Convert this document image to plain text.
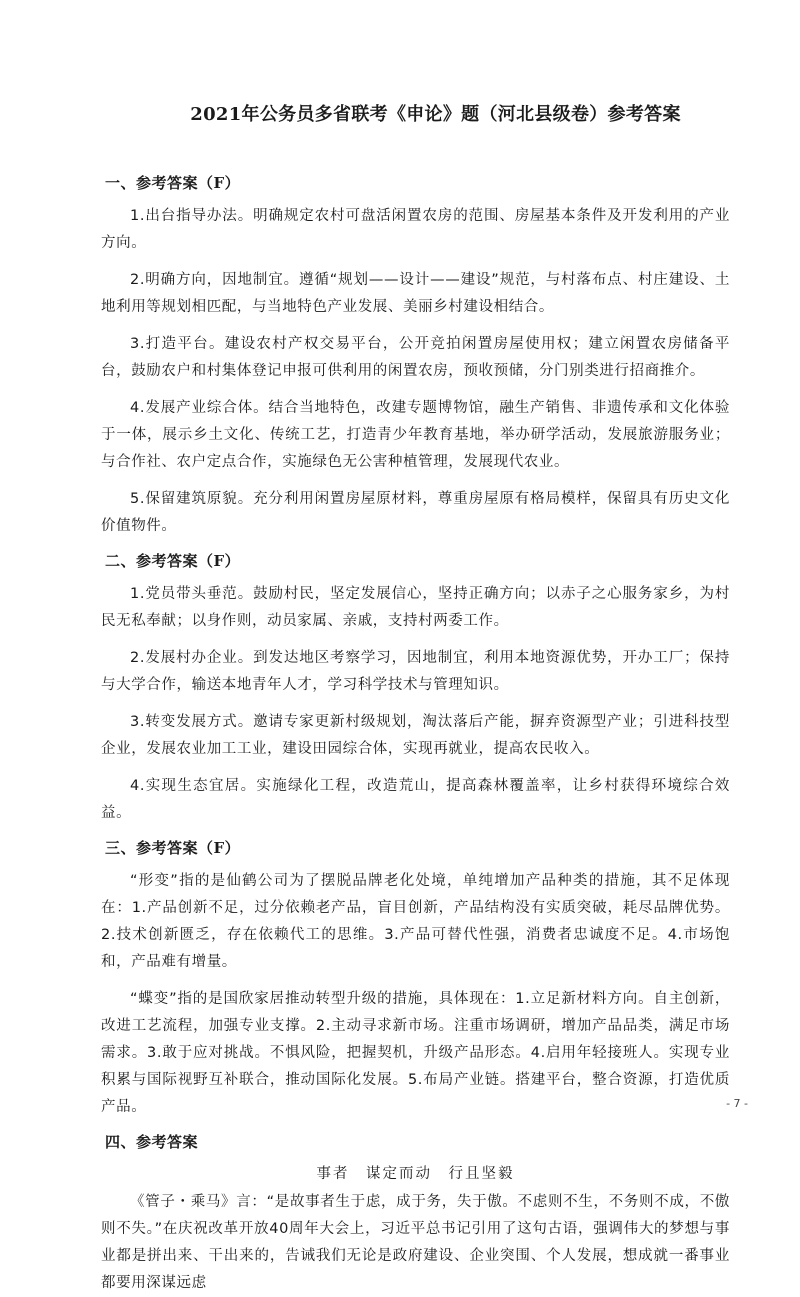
2021年公务员多省联考《申论》题（河北县级卷）参考答案
一、参考答案（F）

1.出台指导办法。明确规定农村可盘活闲置农房的范围、房屋基本条件及开发利用的产业方向。

2.明确方向，因地制宜。遵循“规划——设计——建设”规范，与村落布点、村庄建设、土地利用等规划相匹配，与当地特色产业发展、美丽乡村建设相结合。

3.打造平台。建设农村产权交易平台，公开竞拍闲置房屋使用权；建立闲置农房储备平台，鼓励农户和村集体登记申报可供利用的闲置农房，预收预储，分门别类进行招商推介。

4.发展产业综合体。结合当地特色，改建专题博物馆，融生产销售、非遗传承和文化体验于一体，展示乡土文化、传统工艺，打造青少年教育基地，举办研学活动，发展旅游服务业；与合作社、农户定点合作，实施绿色无公害种植管理，发展现代农业。

5.保留建筑原貌。充分利用闲置房屋原材料，尊重房屋原有格局模样，保留具有历史文化价值物件。

二、参考答案（F）

1.党员带头垂范。鼓励村民，坚定发展信心，坚持正确方向；以赤子之心服务家乡，为村民无私奉献；以身作则，动员家属、亲戚，支持村两委工作。

2.发展村办企业。到发达地区考察学习，因地制宜，利用本地资源优势，开办工厂；保持与大学合作，输送本地青年人才，学习科学技术与管理知识。

3.转变发展方式。邀请专家更新村级规划，淘汰落后产能，摒弃资源型产业；引进科技型企业，发展农业加工工业，建设田园综合体，实现再就业，提高农民收入。

4.实现生态宜居。实施绿化工程，改造荒山，提高森林覆盖率，让乡村获得环境综合效益。

三、参考答案（F）

“形变”指的是仙鹤公司为了摆脱品牌老化处境，单纯增加产品种类的措施，其不足体现在：1.产品创新不足，过分依赖老产品，盲目创新，产品结构没有实质突破，耗尽品牌优势。2.技术创新匮乏，存在依赖代工的思维。3.产品可替代性强，消费者忠诚度不足。4.市场饱和，产品难有增量。

“蝶变”指的是国欣家居推动转型升级的措施，具体现在：1.立足新材料方向。自主创新，改进工艺流程，加强专业支撑。2.主动寻求新市场。注重市场调研，增加产品品类，满足市场需求。3.敢于应对挑战。不惧风险，把握契机，升级产品形态。4.启用年轻接班人。实现专业积累与国际视野互补联合，推动国际化发展。5.布局产业链。搭建平台，整合资源，打造优质产品。

四、参考答案
事者　谋定而动　行且坚毅

《管子・乘马》言：“是故事者生于虑，成于务，失于傲。不虑则不生，不务则不成，不傲则不失。”在庆祝改革开放40周年大会上，习近平总书记引用了这句古语，强调伟大的梦想与事业都是拼出来、干出来的，告诫我们无论是政府建设、企业突围、个人发展，想成就一番事业都要用深谋远虑

- 7 -
